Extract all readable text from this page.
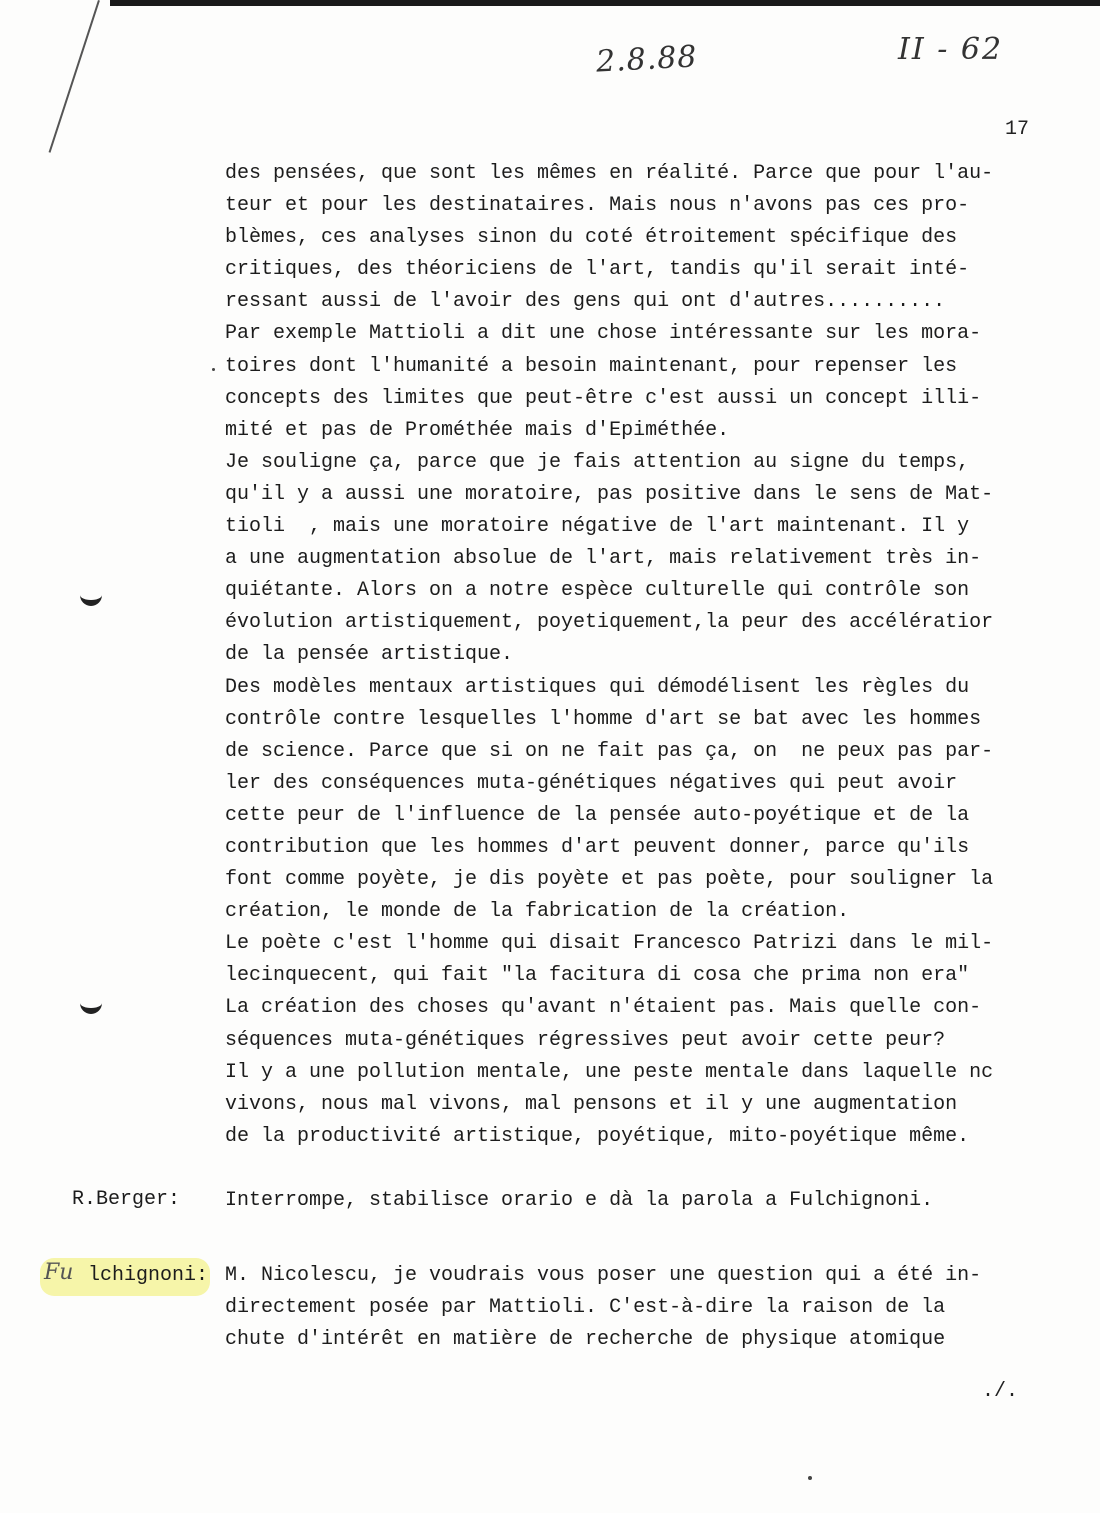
2.8.88	II - 62
17
des pensées, que sont les mêmes en réalité. Parce que pour l'au-
teur et pour les destinataires. Mais nous n'avons pas ces pro-
blèmes, ces analyses sinon du coté étroitement spécifique des
critiques, des théoriciens de l'art, tandis qu'il serait inté-
ressant aussi de l'avoir des gens qui ont d'autres..........
Par exemple Mattioli a dit une chose intéressante sur les mora-
toires dont l'humanité a besoin maintenant, pour repenser les
concepts des limites que peut-être c'est aussi un concept illi-
mité et pas de Prométhée mais d'Epiméthée.
Je souligne ça, parce que je fais attention au signe du temps,
qu'il y a aussi une moratoire, pas positive dans le sens de Mat-
tioli  , mais une moratoire négative de l'art maintenant. Il y
a une augmentation absolue de l'art, mais relativement très in-
quiétante. Alors on a notre espèce culturelle qui contrôle son
évolution artistiquement, poyetiquement,la peur des accélératior
de la pensée artistique.
Des modèles mentaux artistiques qui démodélisent les règles du
contrôle contre lesquelles l'homme d'art se bat avec les hommes
de science. Parce que si on ne fait pas ça, on  ne peux pas par-
ler des conséquences muta-génétiques négatives qui peut avoir
cette peur de l'influence de la pensée auto-poyétique et de la
contribution que les hommes d'art peuvent donner, parce qu'ils
font comme poyète, je dis poyète et pas poète, pour souligner la
création, le monde de la fabrication de la création.
Le poète c'est l'homme qui disait Francesco Patrizi dans le mil-
lecinquecent, qui fait "la facitura di cosa che prima non era"
La création des choses qu'avant n'étaient pas. Mais quelle con-
séquences muta-génétiques régressives peut avoir cette peur?
Il y a une pollution mentale, une peste mentale dans laquelle nc
vivons, nous mal vivons, mal pensons et il y une augmentation
de la productivité artistique, poyétique, mito-poyétique même.
R.Berger: Interrompe, stabilisce orario e dà la parola a Fulchignoni.
Fu lchignoni: M. Nicolescu, je voudrais vous poser une question qui a été in-
directement posée par Mattioli. C'est-à-dire la raison de la
chute d'intérêt en matière de recherche de physique atomique
./.
